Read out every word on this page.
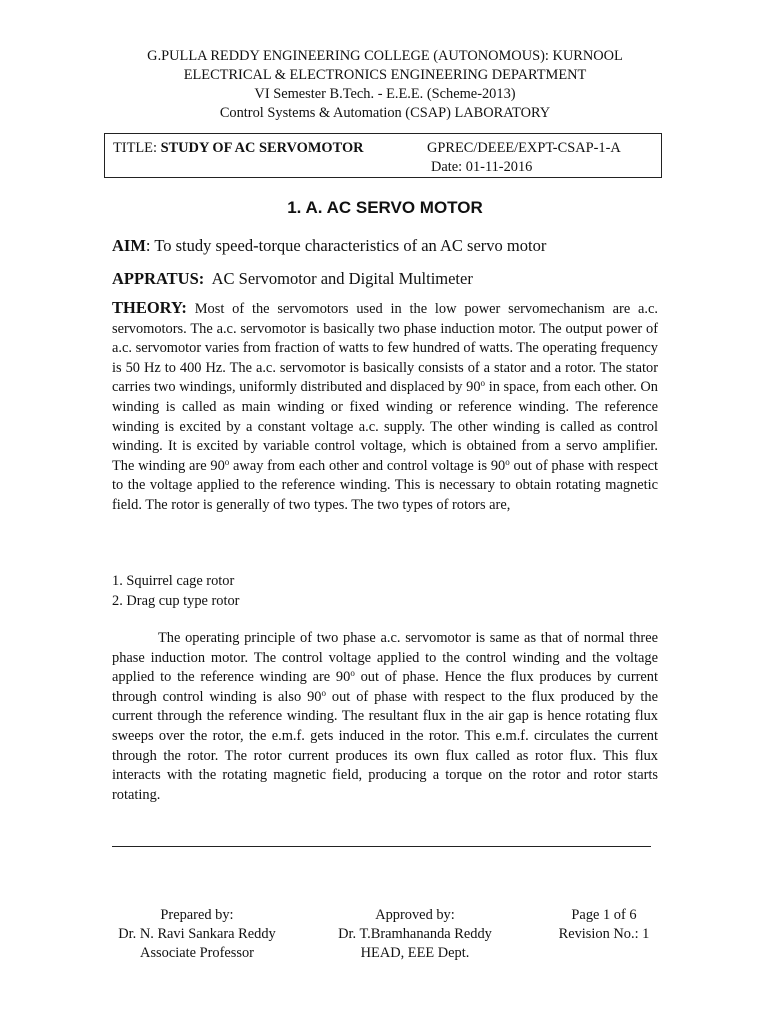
G.PULLA REDDY ENGINEERING COLLEGE (AUTONOMOUS): KURNOOL
ELECTRICAL & ELECTRONICS ENGINEERING DEPARTMENT
VI Semester B.Tech. - E.E.E. (Scheme-2013)
Control Systems & Automation (CSAP) LABORATORY
TITLE: STUDY OF AC SERVOMOTOR	GPREC/DEEE/EXPT-CSAP-1-A
Date: 01-11-2016
1. A. AC SERVO MOTOR
AIM: To study speed-torque characteristics of an AC servo motor
APPRATUS: AC Servomotor and Digital Multimeter
THEORY: Most of the servomotors used in the low power servomechanism are a.c. servomotors. The a.c. servomotor is basically two phase induction motor. The output power of a.c. servomotor varies from fraction of watts to few hundred of watts. The operating frequency is 50 Hz to 400 Hz. The a.c. servomotor is basically consists of a stator and a rotor. The stator carries two windings, uniformly distributed and displaced by 90$^o$ in space, from each other. On winding is called as main winding or fixed winding or reference winding. The reference winding is excited by a constant voltage a.c. supply. The other winding is called as control winding. It is excited by variable control voltage, which is obtained from a servo amplifier. The winding are 90$^o$ away from each other and control voltage is 90$^o$ out of phase with respect to the voltage applied to the reference winding. This is necessary to obtain rotating magnetic field. The rotor is generally of two types. The two types of rotors are,
1. Squirrel cage rotor
2. Drag cup type rotor
The operating principle of two phase a.c. servomotor is same as that of normal three phase induction motor. The control voltage applied to the control winding and the voltage applied to the reference winding are 90$^o$ out of phase. Hence the flux produces by current through control winding is also 90$^o$ out of phase with respect to the flux produced by the current through the reference winding. The resultant flux in the air gap is hence rotating flux sweeps over the rotor, the e.m.f. gets induced in the rotor. This e.m.f. circulates the current through the rotor. The rotor current produces its own flux called as rotor flux. This flux interacts with the rotating magnetic field, producing a torque on the rotor and rotor starts rotating.
Prepared by:
Dr. N. Ravi Sankara Reddy
Associate Professor
Approved by:
Dr. T.Bramhananda Reddy
HEAD, EEE Dept.
Page 1 of 6
Revision No.: 1
